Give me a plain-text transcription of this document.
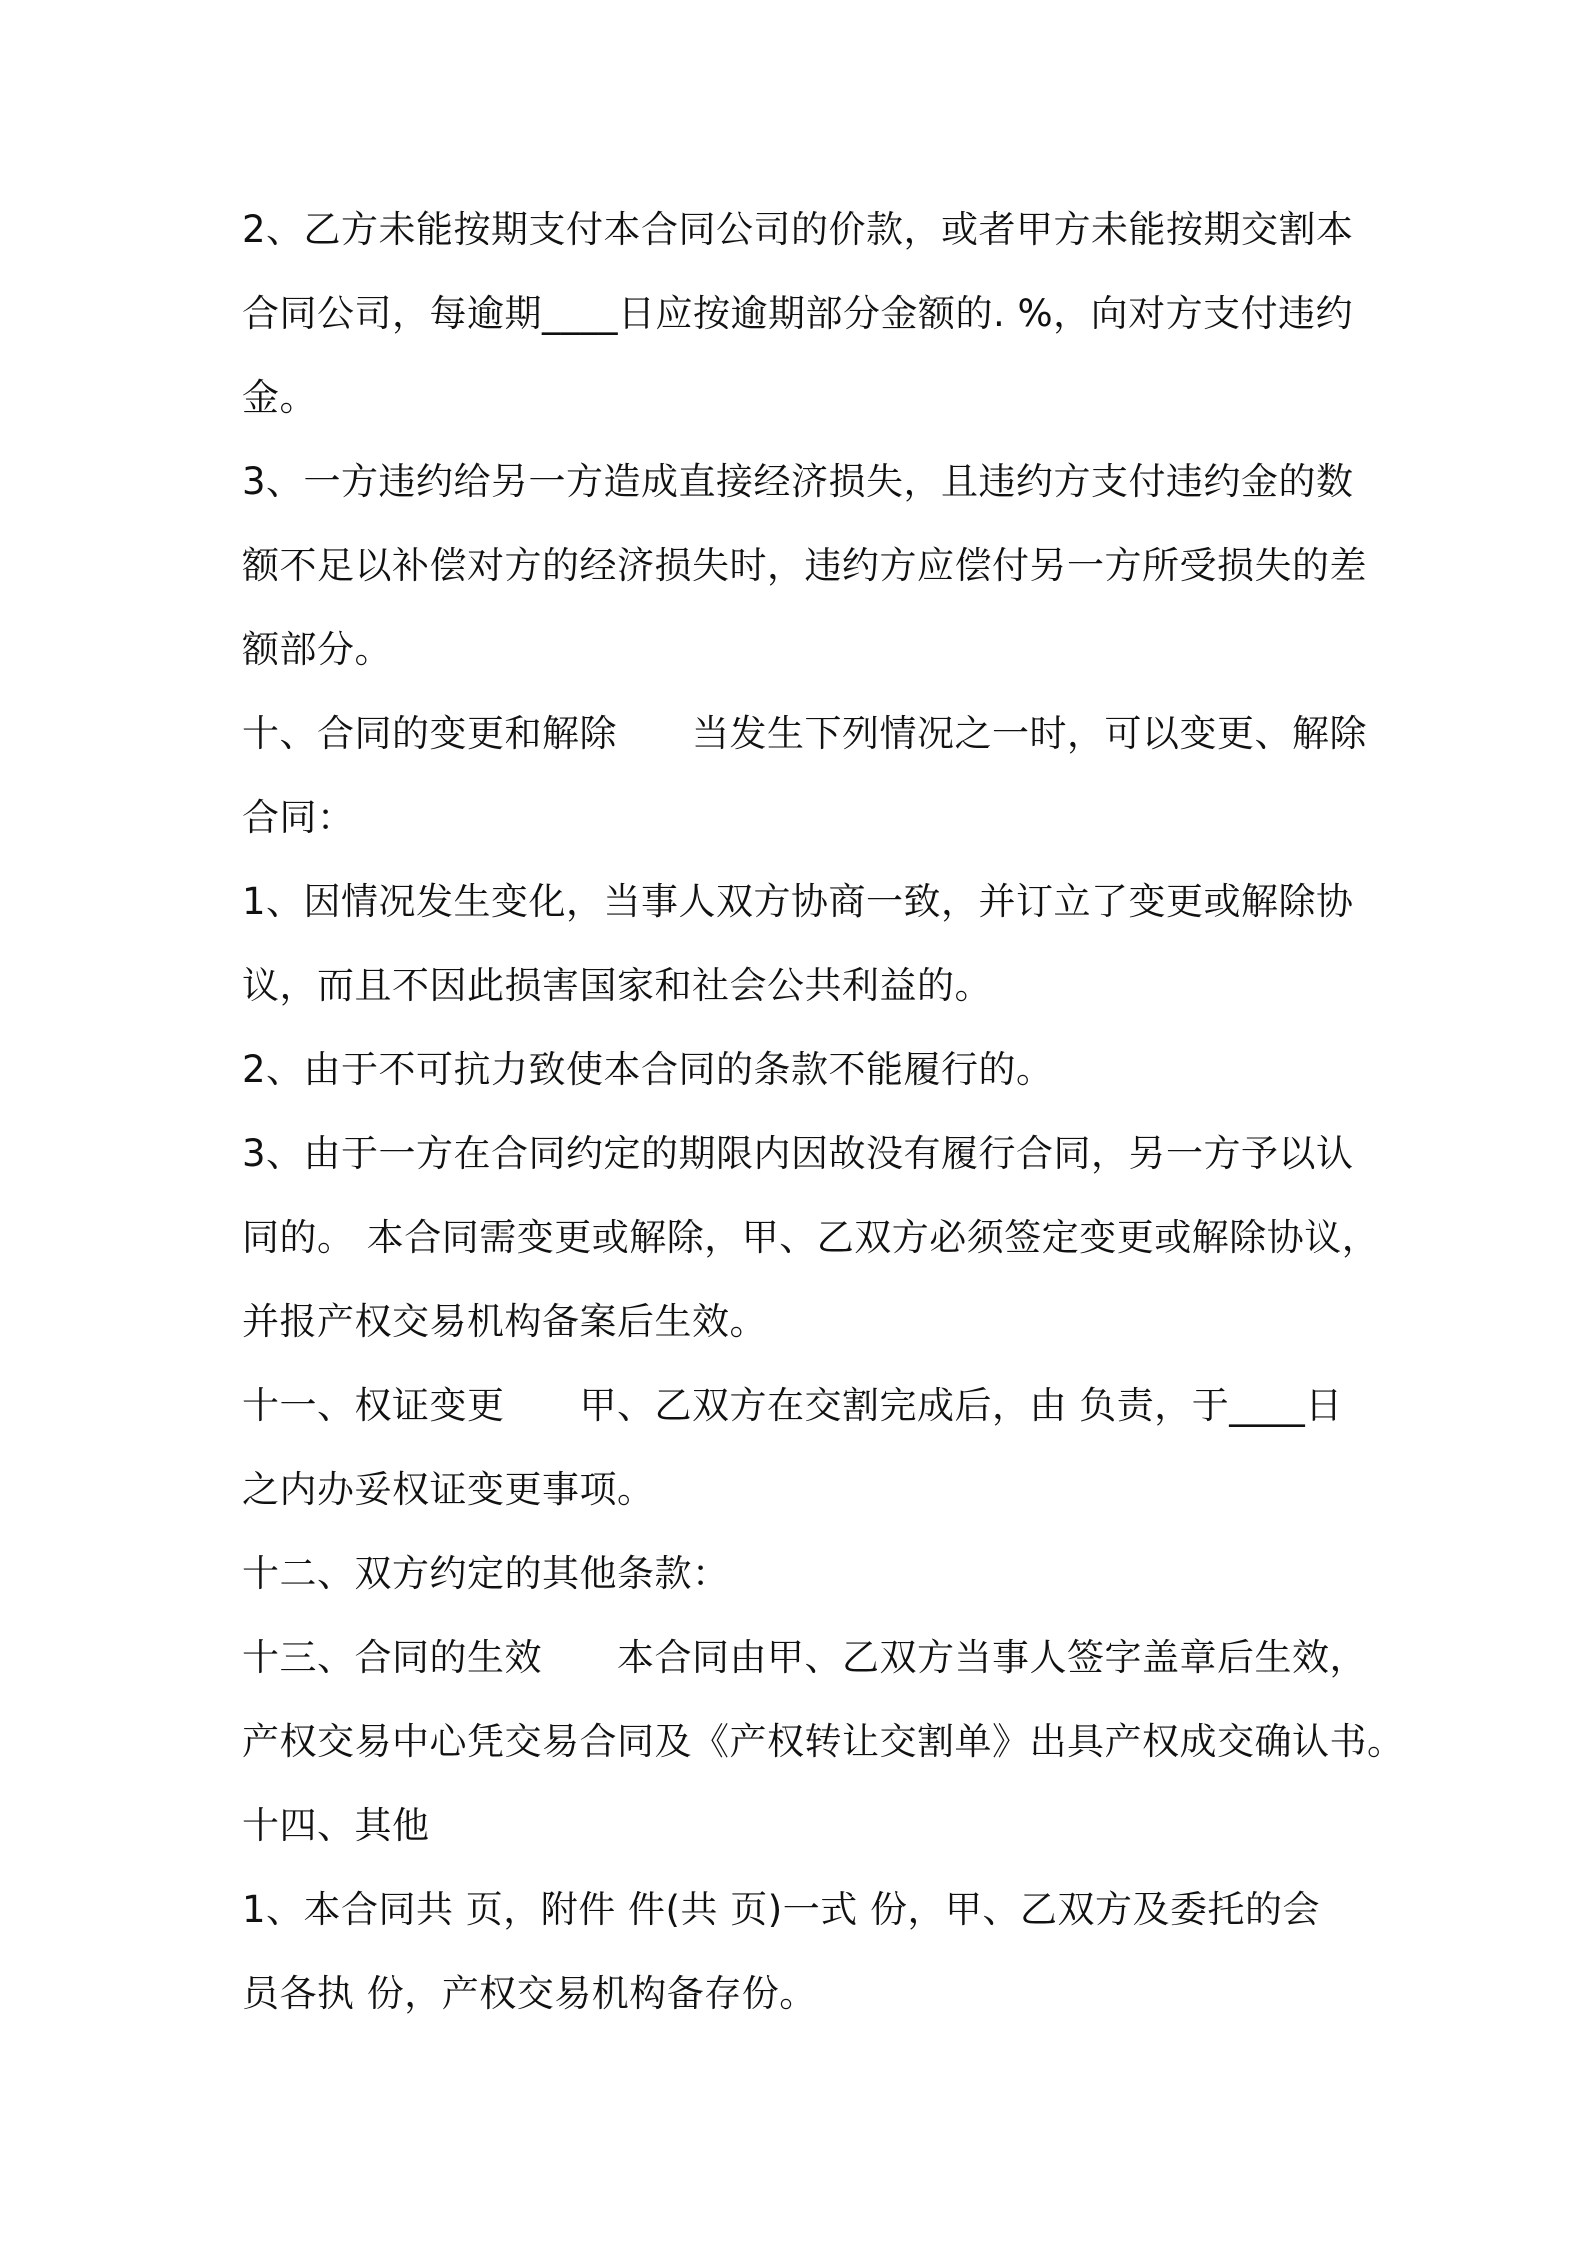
2、乙方未能按期支付本合同公司的价款，或者甲方未能按期交割本

合同公司，每逾期____日应按逾期部分金额的. %，向对方支付违约

金。

3、一方违约给另一方造成直接经济损失，且违约方支付违约金的数

额不足以补偿对方的经济损失时，违约方应偿付另一方所受损失的差

额部分。

十、合同的变更和解除　　当发生下列情况之一时，可以变更、解除

合同：

1、因情况发生变化，当事人双方协商一致，并订立了变更或解除协

议，而且不因此损害国家和社会公共利益的。

2、由于不可抗力致使本合同的条款不能履行的。

3、由于一方在合同约定的期限内因故没有履行合同，另一方予以认

同的。 本合同需变更或解除，甲、乙双方必须签定变更或解除协议，

并报产权交易机构备案后生效。

十一、权证变更　　甲、乙双方在交割完成后，由 负责，于____日

之内办妥权证变更事项。

十二、双方约定的其他条款：

十三、合同的生效　　本合同由甲、乙双方当事人签字盖章后生效，

产权交易中心凭交易合同及《产权转让交割单》出具产权成交确认书。

十四、其他

1、本合同共 页，附件 件(共 页)一式 份，甲、乙双方及委托的会

员各执 份，产权交易机构备存份。
